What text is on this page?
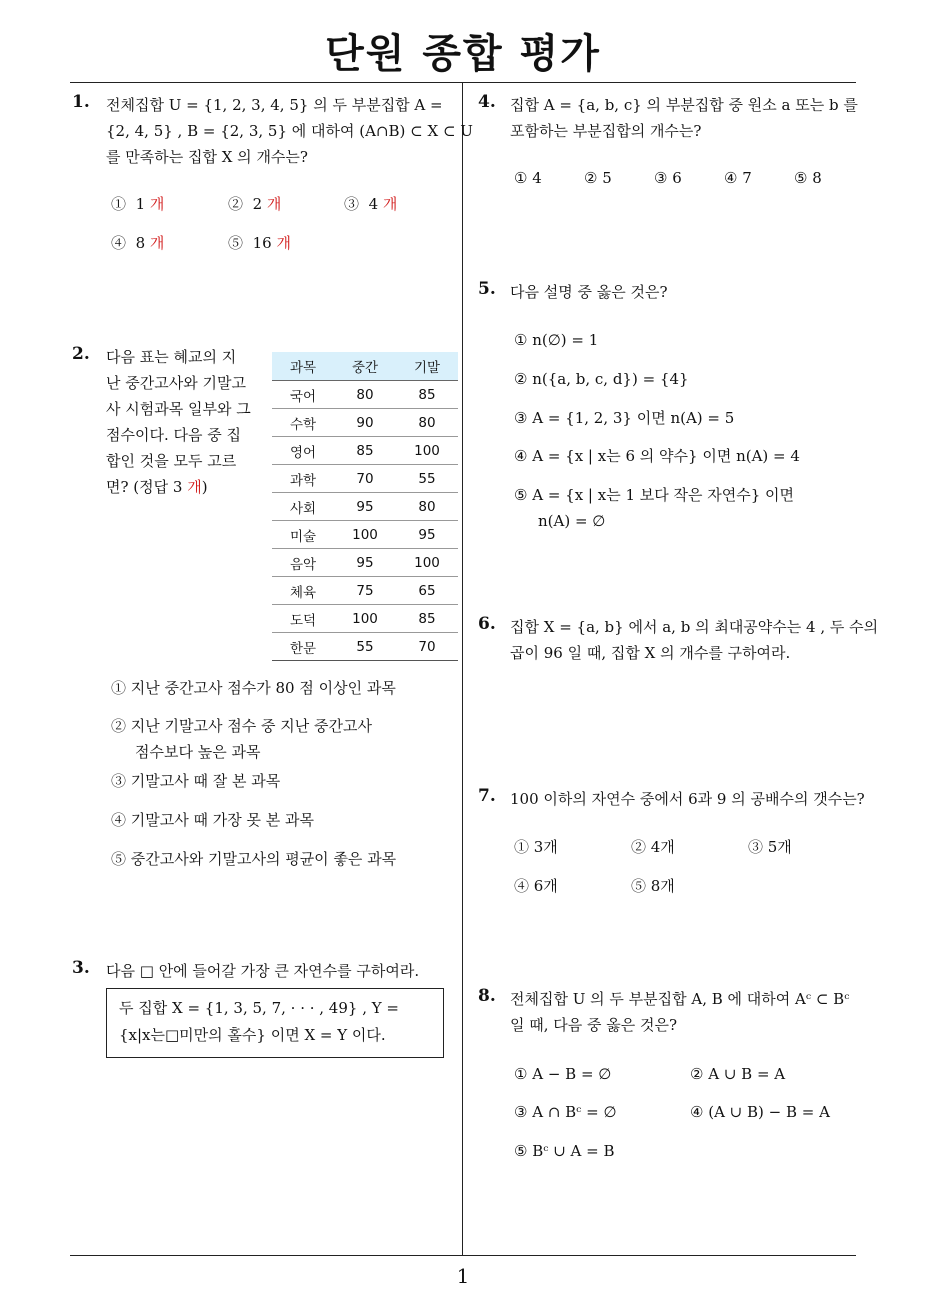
단원 종합 평가
1
1. 전체집합 U = {1, 2, 3, 4, 5} 의 두 부분집합 A =
{2, 4, 5} , B = {2, 3, 5} 에 대하여 (A∩B) ⊂ X ⊂ U
를 만족하는 집합 X 의 개수는?
① 1 개	② 2 개	③ 4 개
④ 8 개	⑤ 16 개
2. 다음 표는 혜교의 지
난 중간고사와 기말고
사 시험과목 일부와 그
점수이다. 다음 중 집
합인 것을 모두 고르
면? (정답 3 개)
과목	중간	기말
국어	80	85
수학	90	80
영어	85	100
과학	70	55
사회	95	80
미술	100	95
음악	95	100
체육	75	65
도덕	100	85
한문	55	70
① 지난 중간고사 점수가 80 점 이상인 과목
② 지난 기말고사 점수 중 지난 중간고사
점수보다 높은 과목
③ 기말고사 때 잘 본 과목
④ 기말고사 때 가장 못 본 과목
⑤ 중간고사와 기말고사의 평균이 좋은 과목
3. 다음 □ 안에 들어갈 가장 큰 자연수를 구하여라.
두 집합 X = {1, 3, 5, 7, · · · , 49} , Y =
{x|x는□미만의 홀수} 이면 X = Y 이다.
4. 집합 A = {a, b, c} 의 부분집합 중 원소 a 또는 b 를
포함하는 부분집합의 개수는?
① 4	② 5	③ 6	④ 7	⑤ 8
5. 다음 설명 중 옳은 것은?
① n(∅) = 1
② n({a, b, c, d}) = {4}
③ A = {1, 2, 3} 이면 n(A) = 5
④ A = {x | x는 6 의 약수} 이면 n(A) = 4
⑤ A = {x | x는 1 보다 작은 자연수} 이면
n(A) = ∅
6. 집합 X = {a, b} 에서 a, b 의 최대공약수는 4 , 두 수의
곱이 96 일 때, 집합 X 의 개수를 구하여라.
7. 100 이하의 자연수 중에서 6과 9 의 공배수의 갯수는?
① 3개	② 4개	③ 5개
④ 6개	⑤ 8개
8. 전체집합 U 의 두 부분집합 A, B 에 대하여 Aᶜ ⊂ Bᶜ
일 때, 다음 중 옳은 것은?
① A − B = ∅	② A ∪ B = A
③ A ∩ Bᶜ = ∅	④ (A ∪ B) − B = A
⑤ Bᶜ ∪ A = B
